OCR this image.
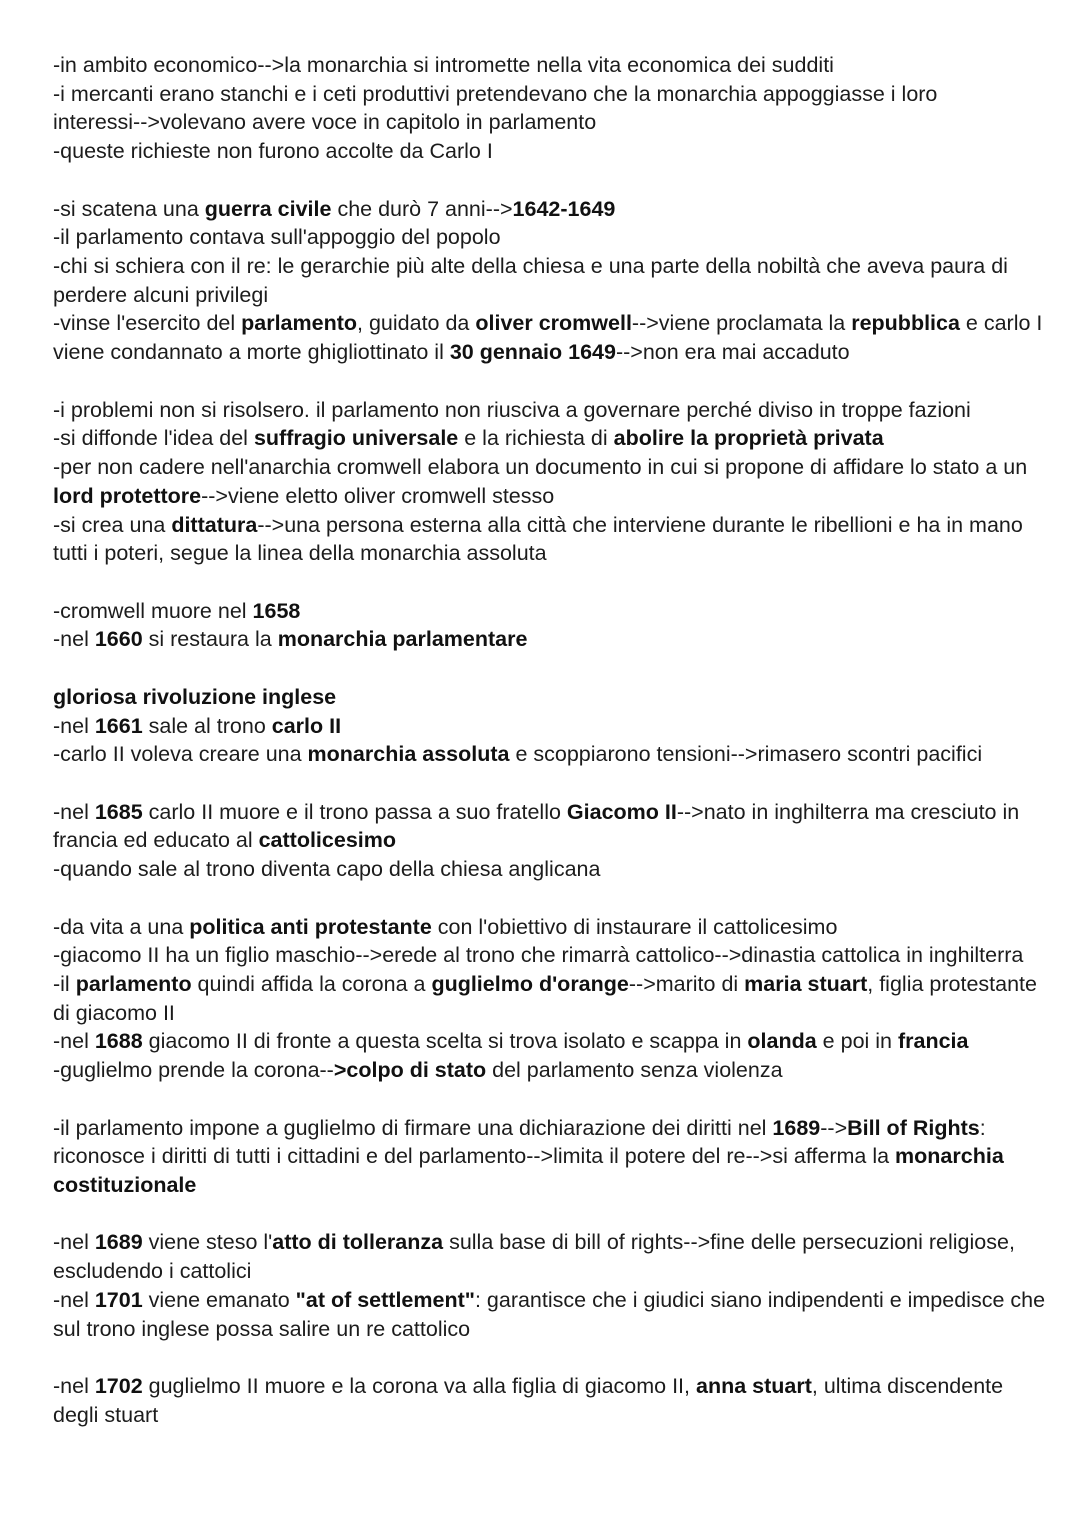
-in ambito economico-->la monarchia si intromette nella vita economica dei sudditi
-i mercanti erano stanchi e i ceti produttivi pretendevano che la monarchia appoggiasse i loro
interessi-->volevano avere voce in capitolo in parlamento
-queste richieste non furono accolte da Carlo I
-si scatena una guerra civile che durò 7 anni-->1642-1649
-il parlamento contava sull'appoggio del popolo
-chi si schiera con il re: le gerarchie più alte della chiesa e una parte della nobiltà che aveva paura di
perdere alcuni privilegi
-vinse l'esercito del parlamento, guidato da oliver cromwell-->viene proclamata la repubblica e carlo I
viene condannato a morte ghigliottinato il 30 gennaio 1649-->non era mai accaduto
-i problemi non si risolsero. il parlamento non riusciva a governare perché diviso in troppe fazioni
-si diffonde l'idea del suffragio universale e la richiesta di abolire la proprietà privata
-per non cadere nell'anarchia cromwell elabora un documento in cui si propone di affidare lo stato a un
lord protettore-->viene eletto oliver cromwell stesso
-si crea una dittatura-->una persona esterna alla città che interviene durante le ribellioni e ha in mano
tutti i poteri, segue la linea della monarchia assoluta
-cromwell muore nel 1658
-nel 1660 si restaura la monarchia parlamentare
gloriosa rivoluzione inglese
-nel 1661 sale al trono carlo II
-carlo II voleva creare una monarchia assoluta e scoppiarono tensioni-->rimasero scontri pacifici
-nel 1685 carlo II muore e il trono passa a suo fratello Giacomo II-->nato in inghilterra ma cresciuto in
francia ed educato al cattolicesimo
-quando sale al trono diventa capo della chiesa anglicana
-da vita a una politica anti protestante con l'obiettivo di instaurare il cattolicesimo
-giacomo II ha un figlio maschio-->erede al trono che rimarrà cattolico-->dinastia cattolica in inghilterra
-il parlamento quindi affida la corona a guglielmo d'orange-->marito di maria stuart, figlia protestante
di giacomo II
-nel 1688 giacomo II di fronte a questa scelta si trova isolato e scappa in olanda e poi in francia
-guglielmo prende la corona-->colpo di stato del parlamento senza violenza
-il parlamento impone a guglielmo di firmare una dichiarazione dei diritti nel 1689-->Bill of Rights:
riconosce i diritti di tutti i cittadini e del parlamento-->limita il potere del re-->si afferma la monarchia
costituzionale
-nel 1689 viene steso l'atto di tolleranza sulla base di bill of rights-->fine delle persecuzioni religiose,
escludendo i cattolici
-nel 1701 viene emanato "at of settlement": garantisce che i giudici siano indipendenti e impedisce che
sul trono inglese possa salire un re cattolico
-nel 1702 guglielmo II muore e la corona va alla figlia di giacomo II, anna stuart, ultima discendente
degli stuart
